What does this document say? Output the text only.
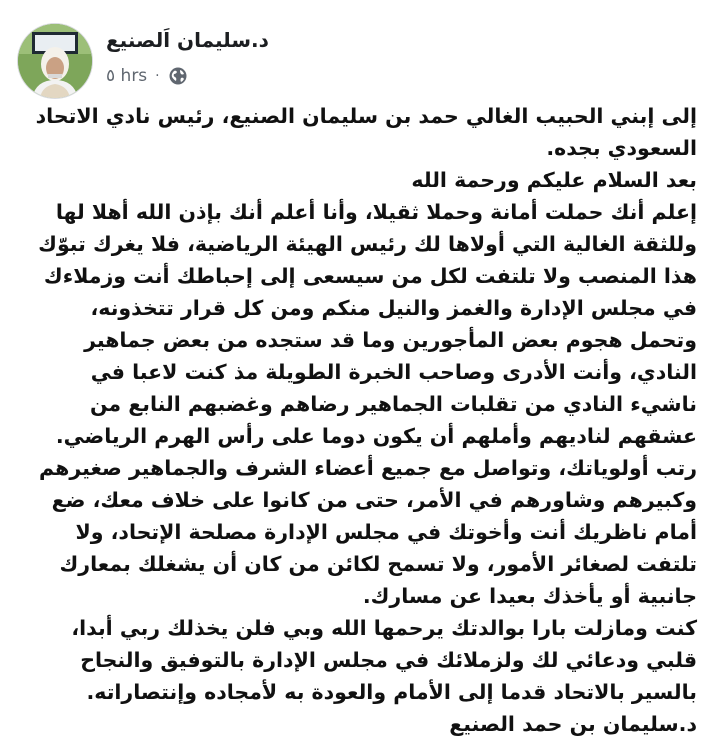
د.سليمان اَلصنيع
٥ hrs ·

إلى إبني الحبيب الغالي حمد بن سليمان الصنيع، رئيس نادي الاتحاد السعودي بجده.

بعد السلام عليكم ورحمة الله

إعلم أنك حملت أمانة وحملا ثقيلا، وأنا أعلم أنك بإذن الله أهلا لها وللثقة الغالية التي أولاها لك رئيس الهيئة الرياضية، فلا يغرك تبوّك هذا المنصب ولا تلتفت لكل من سيسعى إلى إحباطك أنت وزملاءك في مجلس الإدارة والغمز والنيل منكم ومن كل قرار تتخذونه، وتحمل هجوم بعض المأجورين وما قد ستجده من بعض جماهير النادي، وأنت الأدرى وصاحب الخبرة الطويلة مذ كنت لاعبا في ناشيء النادي من تقلبات الجماهير رضاهم وغضبهم النابع من عشقهم لناديهم وأملهم أن يكون دوما على رأس الهرم الرياضي.

رتب أولوياتك، وتواصل مع جميع أعضاء الشرف والجماهير صغيرهم وكبيرهم وشاورهم في الأمر، حتى من كانوا على خلاف معك، ضع أمام ناظريك أنت وأخوتك في مجلس الإدارة مصلحة الإتحاد، ولا تلتفت لصغائر الأمور، ولا تسمح لكائن من كان أن يشغلك بمعارك جانبية أو يأخذك بعيدا عن مسارك.

كنت ومازلت بارا بوالدتك يرحمها الله وبي فلن يخذلك ربي أبدا، قلبي ودعائي لك ولزملائك في مجلس الإدارة بالتوفيق والنجاح بالسير بالاتحاد قدما إلى الأمام والعودة به لأمجاده وإنتصاراته.

د.سليمان بن حمد الصنيع
